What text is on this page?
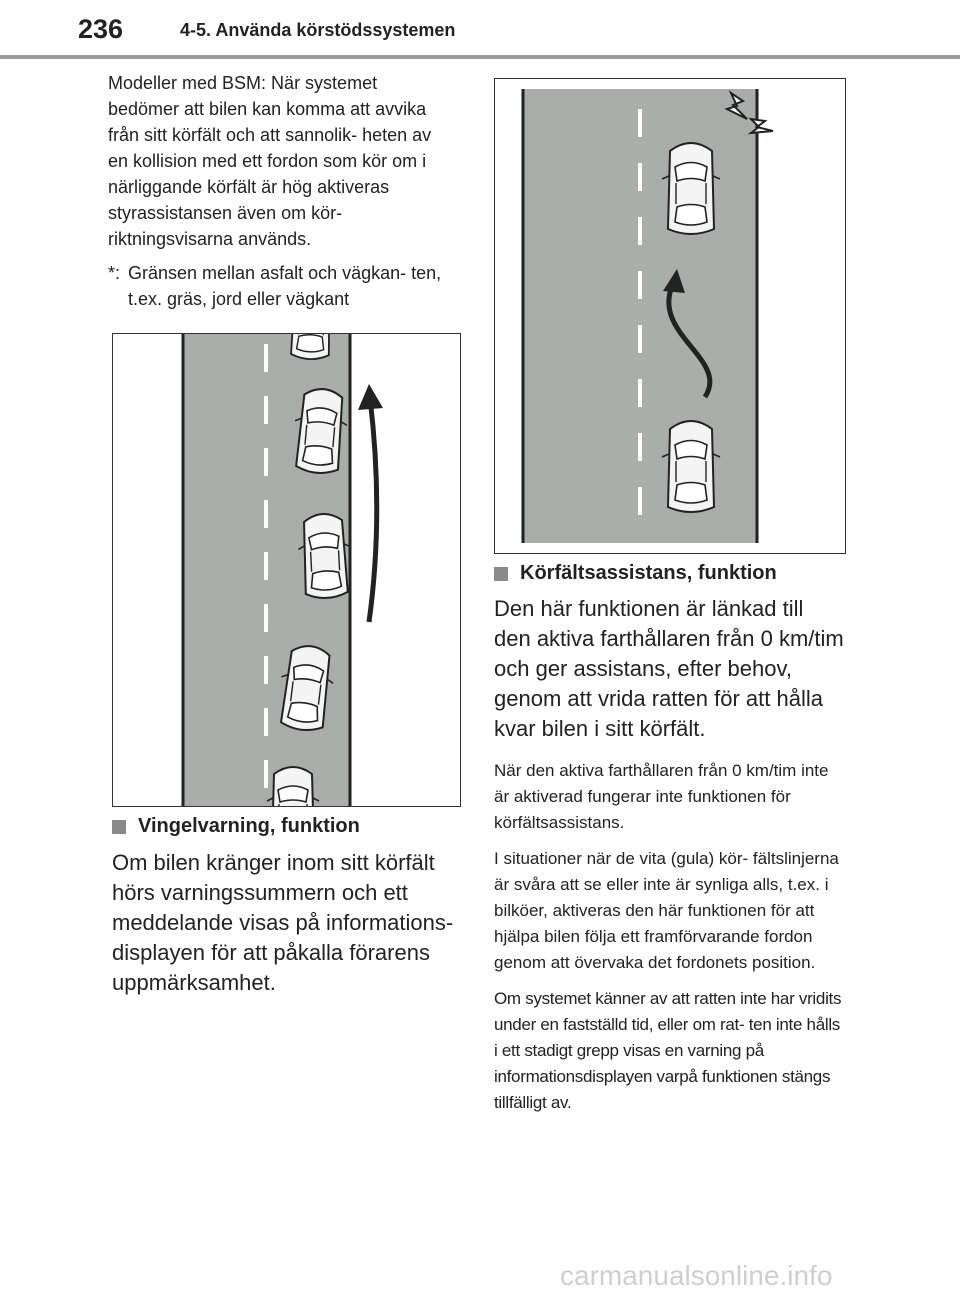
236	4-5. Använda körstödssystemen

Modeller med BSM: När systemet bedömer att bilen kan komma att avvika från sitt körfält och att sannolik- heten av en kollision med ett fordon som kör om i närliggande körfält är hög aktiveras styrassistansen även om kör- riktningsvisarna används.

*: Gränsen mellan asfalt och vägkan- ten, t.ex. gräs, jord eller vägkant
Vingelvarning, funktion

Om bilen kränger inom sitt körfält hörs varningssummern och ett meddelande visas på informations- displayen för att påkalla förarens uppmärksamhet.

Körfältsassistans, funktion

Den här funktionen är länkad till den aktiva farthållaren från 0 km/tim och ger assistans, efter behov, genom att vrida ratten för att hålla kvar bilen i sitt körfält.

När den aktiva farthållaren från 0 km/tim inte är aktiverad fungerar inte funktionen för körfältsassistans.

I situationer när de vita (gula) kör- fältslinjerna är svåra att se eller inte är synliga alls, t.ex. i bilköer, aktiveras den här funktionen för att hjälpa bilen följa ett framförvarande fordon genom att övervaka det fordonets position.

Om systemet känner av att ratten inte har vridits under en fastställd tid, eller om rat- ten inte hålls i ett stadigt grepp visas en varning på informationsdisplayen varpå funktionen stängs tillfälligt av.

carmanualsonline.info
